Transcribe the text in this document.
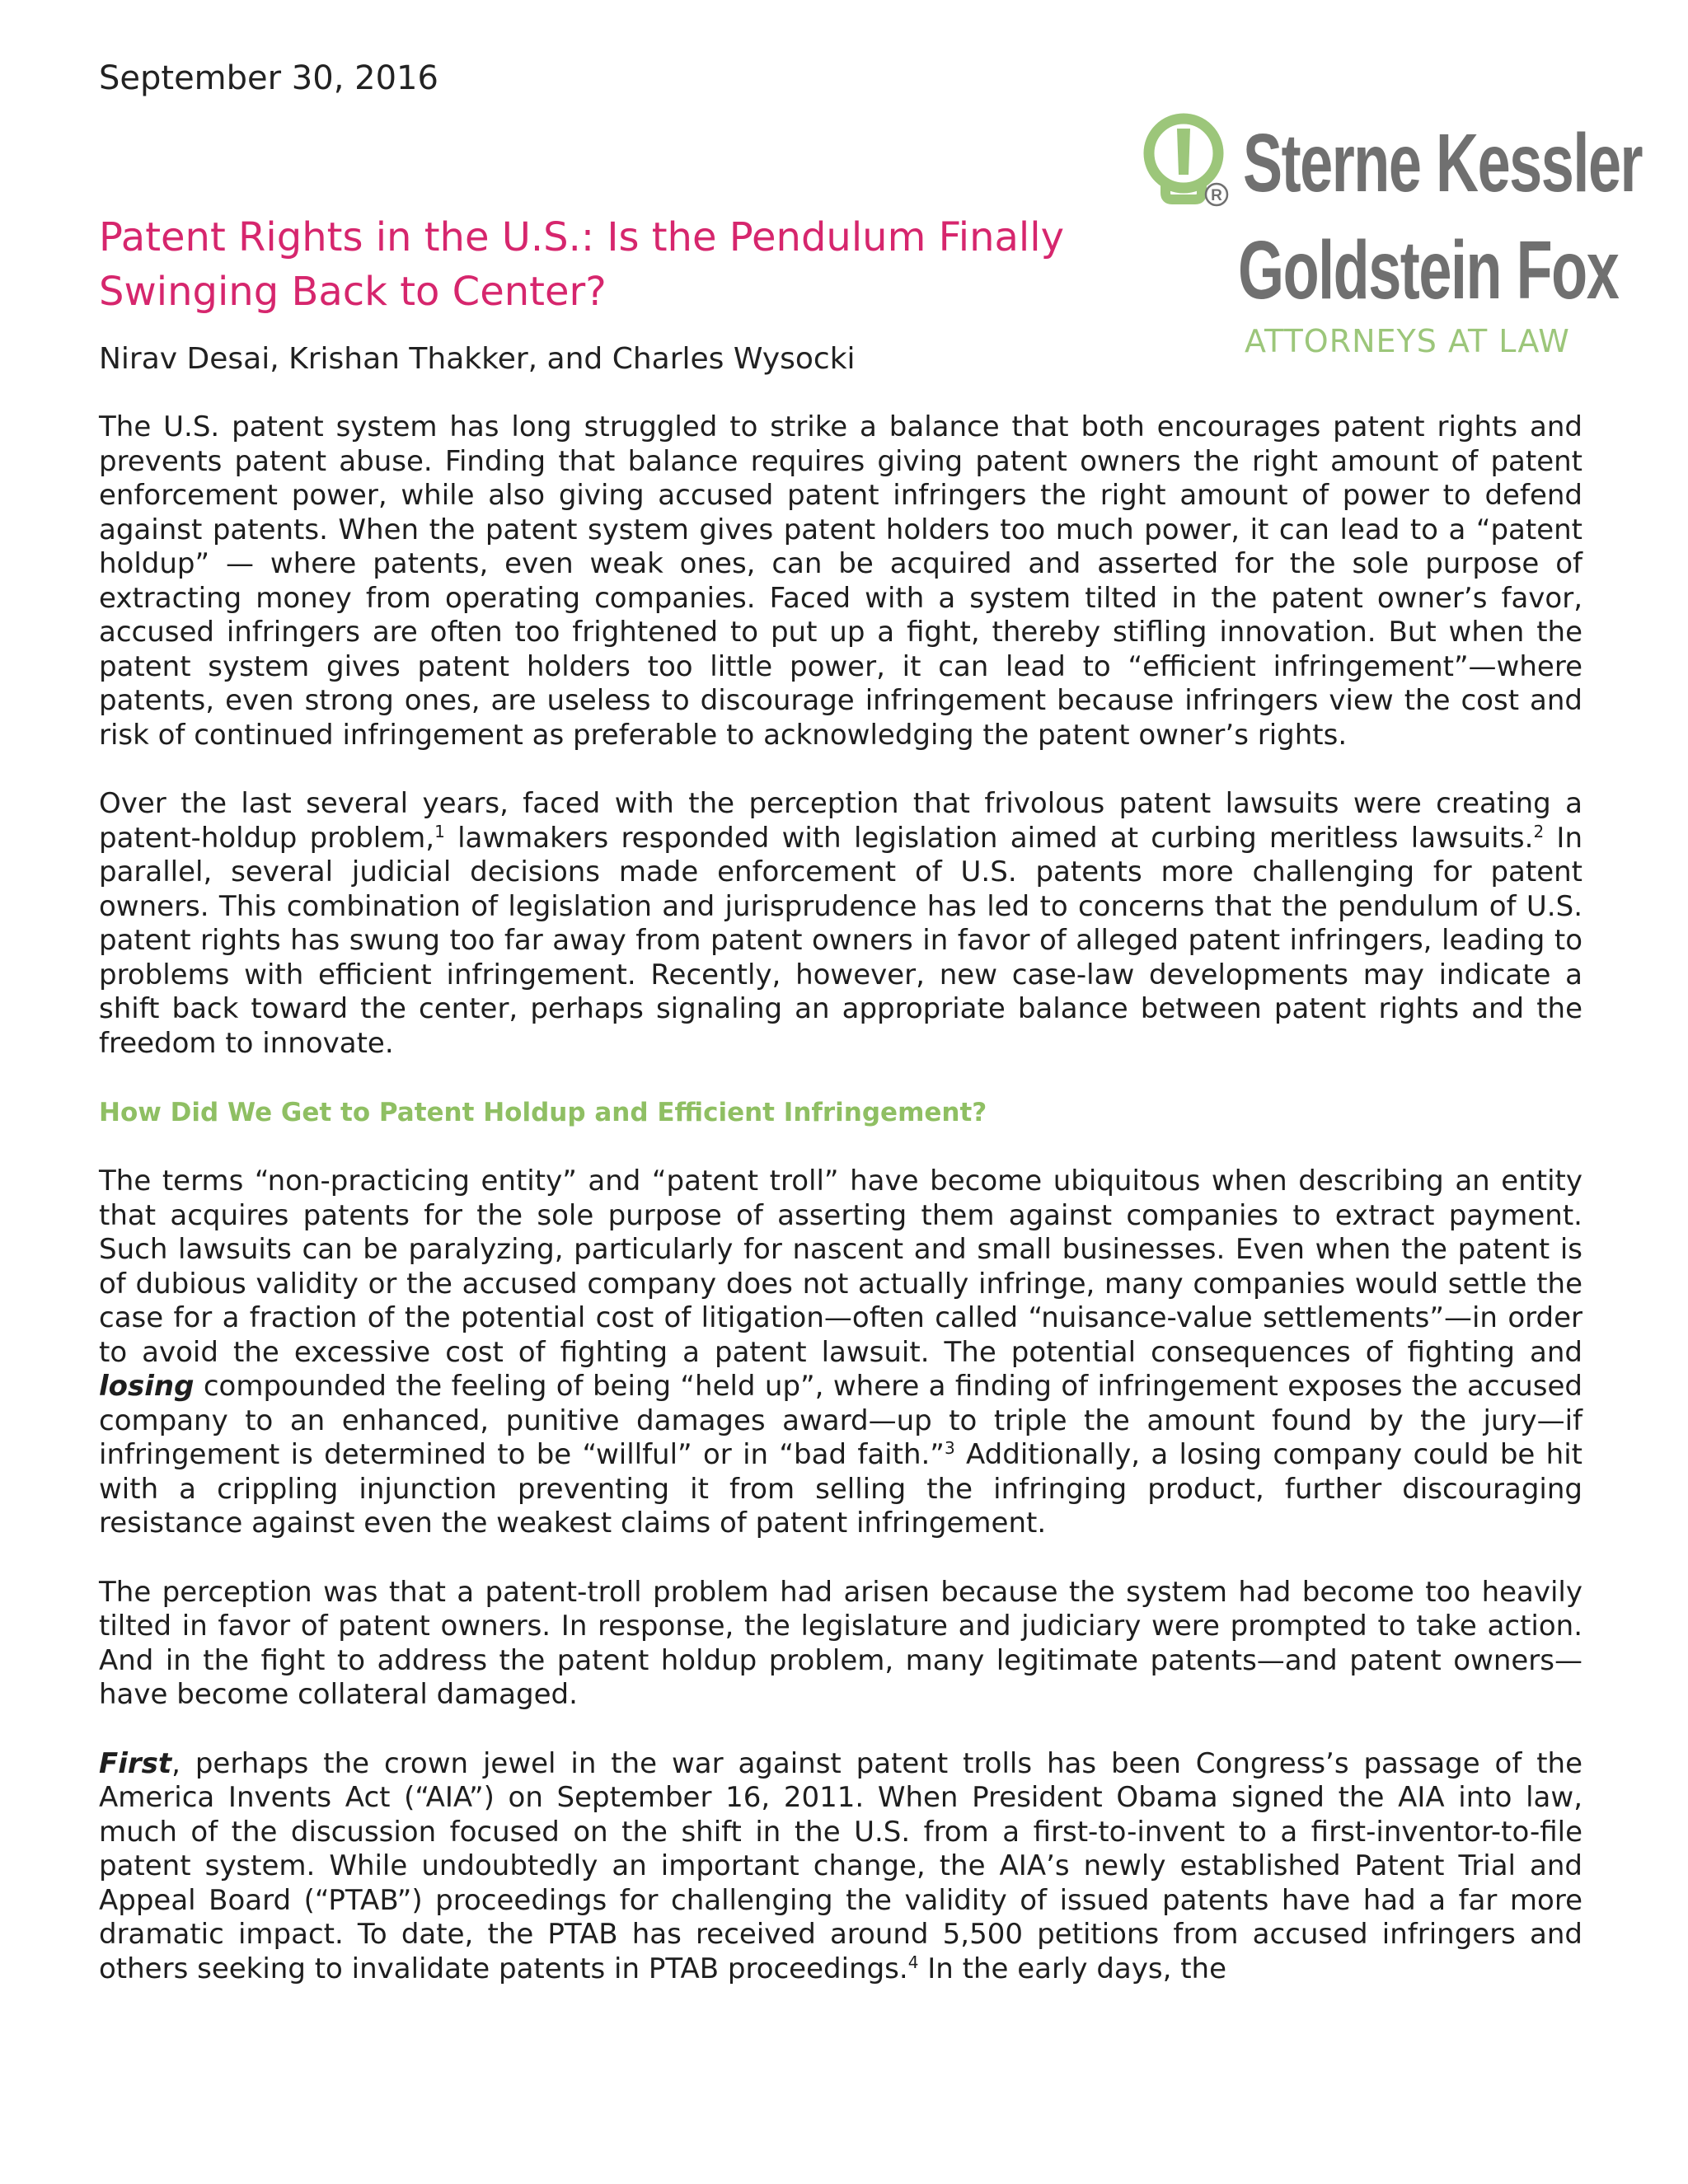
September 30, 2016
R Sterne Kessler
Goldstein Fox
ATTORNEYS AT LAW
Patent Rights in the U.S.: Is the Pendulum Finally Swinging Back to Center?
Nirav Desai, Krishan Thakker, and Charles Wysocki

The U.S. patent system has long struggled to strike a balance that both encourages patent rights and prevents patent abuse. Finding that balance requires giving patent owners the right amount of patent enforcement power, while also giving accused patent infringers the right amount of power to defend against patents. When the patent system gives patent holders too much power, it can lead to a “patent holdup” — where patents, even weak ones, can be acquired and asserted for the sole purpose of extracting money from operating companies. Faced with a system tilted in the patent owner’s favor, accused infringers are often too frightened to put up a fight, thereby stifling innovation. But when the patent system gives patent holders too little power, it can lead to “efficient infringement”—where patents, even strong ones, are useless to discourage infringement because infringers view the cost and risk of continued infringement as preferable to acknowledging the patent owner’s rights.

Over the last several years, faced with the perception that frivolous patent lawsuits were creating a patent-holdup problem,$^1$ lawmakers responded with legislation aimed at curbing meritless lawsuits.$^2$ In parallel, several judicial decisions made enforcement of U.S. patents more challenging for patent owners. This combination of legislation and jurisprudence has led to concerns that the pendulum of U.S. patent rights has swung too far away from patent owners in favor of alleged patent infringers, leading to problems with efficient infringement. Recently, however, new case-law developments may indicate a shift back toward the center, perhaps signaling an appropriate balance between patent rights and the freedom to innovate.

How Did We Get to Patent Holdup and Efficient Infringement?

The terms “non-practicing entity” and “patent troll” have become ubiquitous when describing an entity that acquires patents for the sole purpose of asserting them against companies to extract payment. Such lawsuits can be paralyzing, particularly for nascent and small businesses. Even when the patent is of dubious validity or the accused company does not actually infringe, many companies would settle the case for a fraction of the potential cost of litigation—often called “nuisance-value settlements”—in order to avoid the excessive cost of fighting a patent lawsuit. The potential consequences of fighting and losing compounded the feeling of being “held up”, where a finding of infringement exposes the accused company to an enhanced, punitive damages award—up to triple the amount found by the jury—if infringement is determined to be “willful” or in “bad faith.”$^3$ Additionally, a losing company could be hit with a crippling injunction preventing it from selling the infringing product, further discouraging resistance against even the weakest claims of patent infringement.

The perception was that a patent-troll problem had arisen because the system had become too heavily tilted in favor of patent owners. In response, the legislature and judiciary were prompted to take action. And in the fight to address the patent holdup problem, many legitimate patents—and patent owners—have become collateral damaged.

First, perhaps the crown jewel in the war against patent trolls has been Congress’s passage of the America Invents Act (“AIA”) on September 16, 2011. When President Obama signed the AIA into law, much of the discussion focused on the shift in the U.S. from a first-to-invent to a first-inventor-to-file patent system. While undoubtedly an important change, the AIA’s newly established Patent Trial and Appeal Board (“PTAB”) proceedings for challenging the validity of issued patents have had a far more dramatic impact. To date, the PTAB has received around 5,500 petitions from accused infringers and others seeking to invalidate patents in PTAB proceedings.$^4$ In the early days, the
